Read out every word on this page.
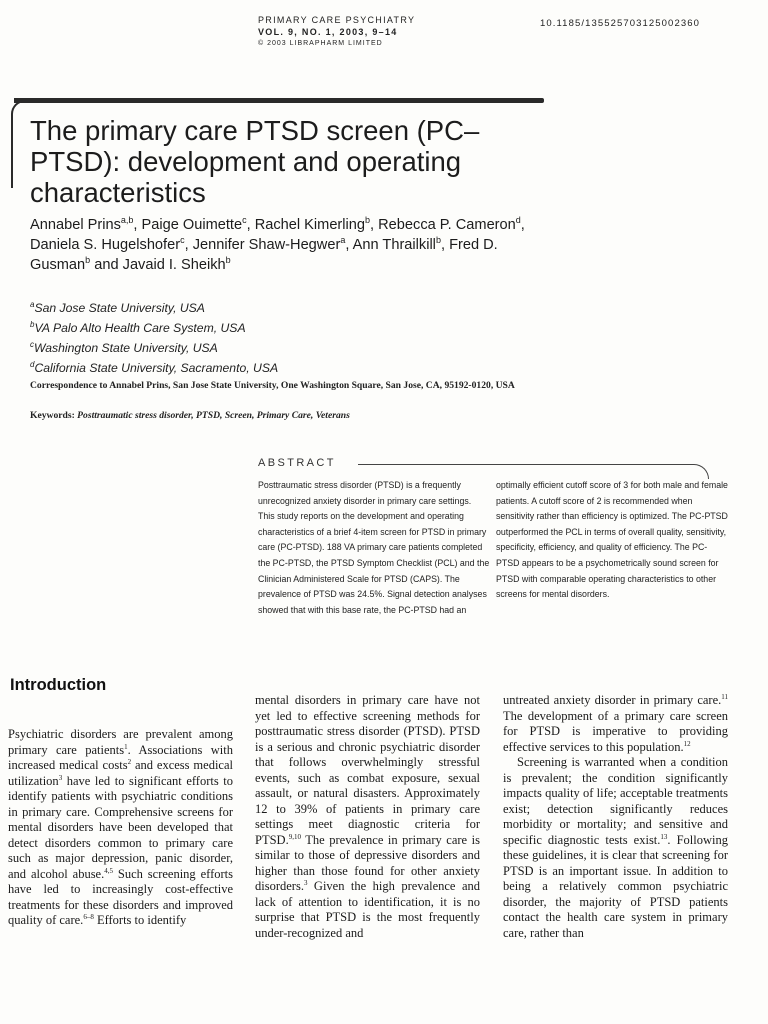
PRIMARY CARE PSYCHIATRY
VOL. 9, NO. 1, 2003, 9–14
© 2003 LIBRAPHARM LIMITED
10.1185/135525703125002360
The primary care PTSD screen (PC–PTSD): development and operating characteristics
Annabel Prins$^{a,b}$, Paige Ouimette$^c$, Rachel Kimerling$^b$, Rebecca P. Cameron$^d$, Daniela S. Hugelshofer$^c$, Jennifer Shaw-Hegwer$^a$, Ann Thrailkill$^b$, Fred D. Gusman$^b$ and Javaid I. Sheikh$^b$
$^a$San Jose State University, USA
$^b$VA Palo Alto Health Care System, USA
$^c$Washington State University, USA
$^d$California State University, Sacramento, USA
Correspondence to Annabel Prins, San Jose State University, One Washington Square, San Jose, CA, 95192-0120, USA
Keywords: Posttraumatic stress disorder, PTSD, Screen, Primary Care, Veterans
ABSTRACT
Posttraumatic stress disorder (PTSD) is a frequently unrecognized anxiety disorder in primary care settings. This study reports on the development and operating characteristics of a brief 4-item screen for PTSD in primary care (PC-PTSD). 188 VA primary care patients completed the PC-PTSD, the PTSD Symptom Checklist (PCL) and the Clinician Administered Scale for PTSD (CAPS). The prevalence of PTSD was 24.5%. Signal detection analyses showed that with this base rate, the PC-PTSD had an
optimally efficient cutoff score of 3 for both male and female patients. A cutoff score of 2 is recommended when sensitivity rather than efficiency is optimized. The PC-PTSD outperformed the PCL in terms of overall quality, sensitivity, specificity, efficiency, and quality of efficiency. The PC-PTSD appears to be a psychometrically sound screen for PTSD with comparable operating characteristics to other screens for mental disorders.
Introduction

Psychiatric disorders are prevalent among primary care patients$^1$. Associations with increased medical costs$^2$ and excess medical utilization$^3$ have led to significant efforts to identify patients with psychiatric conditions in primary care. Comprehensive screens for mental disorders have been developed that detect disorders common to primary care such as major depression, panic disorder, and alcohol abuse.$^{4,5}$ Such screening efforts have led to increasingly cost-effective treatments for these disorders and improved quality of care.$^{6-8}$ Efforts to identify

mental disorders in primary care have not yet led to effective screening methods for posttraumatic stress disorder (PTSD). PTSD is a serious and chronic psychiatric disorder that follows overwhelmingly stressful events, such as combat exposure, sexual assault, or natural disasters. Approximately 12 to 39% of patients in primary care settings meet diagnostic criteria for PTSD.$^{9,10}$ The prevalence in primary care is similar to those of depressive disorders and higher than those found for other anxiety disorders.$^3$ Given the high prevalence and lack of attention to identification, it is no surprise that PTSD is the most frequently under-recognized and

untreated anxiety disorder in primary care.$^{11}$ The development of a primary care screen for PTSD is imperative to providing effective services to this population.$^{12}$

Screening is warranted when a condition is prevalent; the condition significantly impacts quality of life; acceptable treatments exist; detection significantly reduces morbidity or mortality; and sensitive and specific diagnostic tests exist.$^{13}$. Following these guidelines, it is clear that screening for PTSD is an important issue. In addition to being a relatively common psychiatric disorder, the majority of PTSD patients contact the health care system in primary care, rather than
